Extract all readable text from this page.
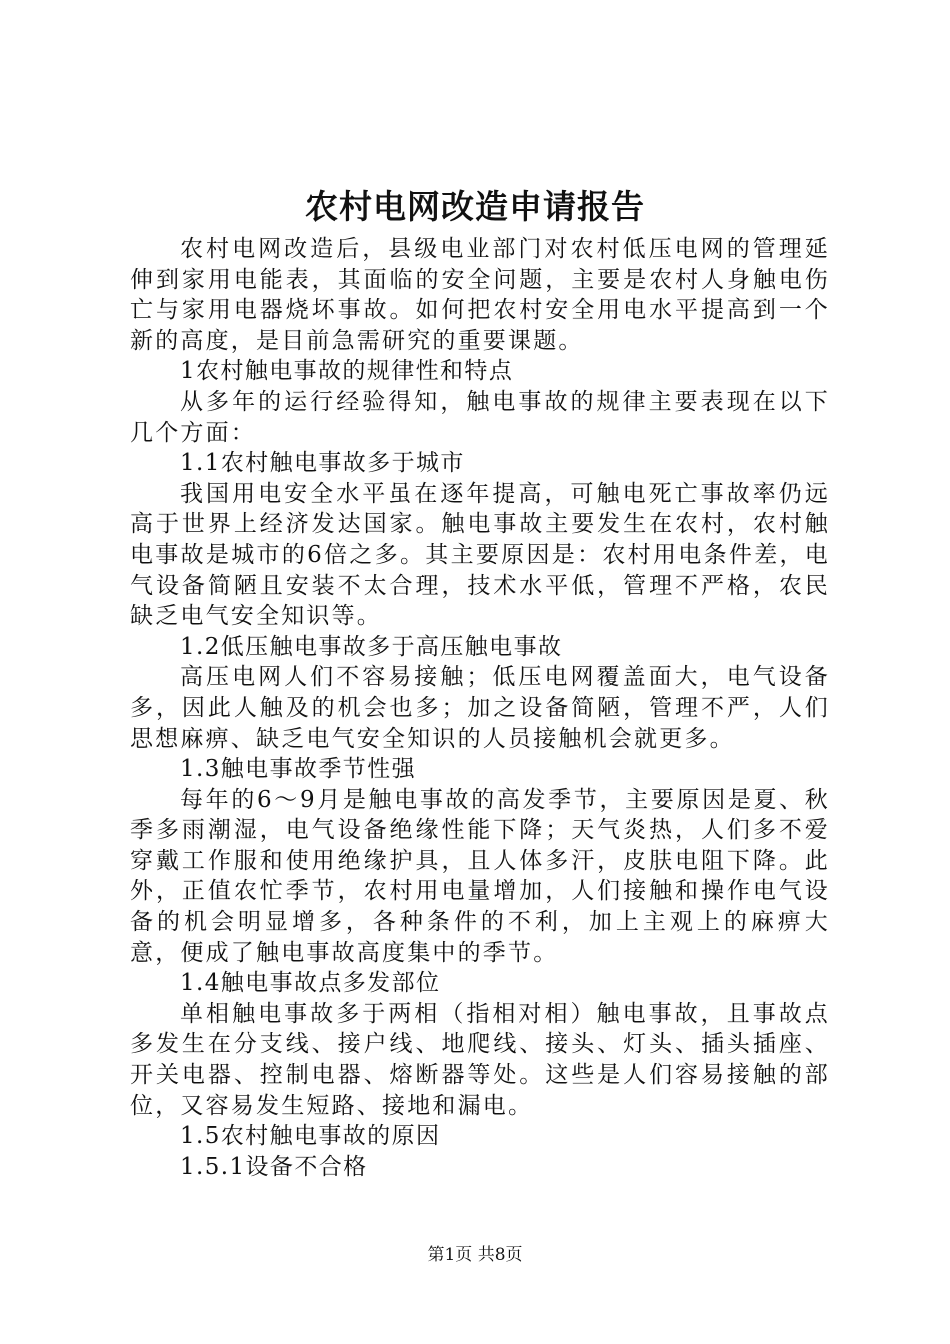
农村电网改造申请报告

农村电网改造后，县级电业部门对农村低压电网的管理延伸到家用电能表，其面临的安全问题，主要是农村人身触电伤亡与家用电器烧坏事故。如何把农村安全用电水平提高到一个新的高度，是目前急需研究的重要课题。

1农村触电事故的规律性和特点

从多年的运行经验得知，触电事故的规律主要表现在以下几个方面：

1.1农村触电事故多于城市

我国用电安全水平虽在逐年提高，可触电死亡事故率仍远高于世界上经济发达国家。触电事故主要发生在农村，农村触电事故是城市的6倍之多。其主要原因是：农村用电条件差，电气设备简陋且安装不太合理，技术水平低，管理不严格，农民缺乏电气安全知识等。

1.2低压触电事故多于高压触电事故

高压电网人们不容易接触；低压电网覆盖面大，电气设备多，因此人触及的机会也多；加之设备简陋，管理不严，人们思想麻痹、缺乏电气安全知识的人员接触机会就更多。

1.3触电事故季节性强

每年的6～9月是触电事故的高发季节，主要原因是夏、秋季多雨潮湿，电气设备绝缘性能下降；天气炎热，人们多不爱穿戴工作服和使用绝缘护具，且人体多汗，皮肤电阻下降。此外，正值农忙季节，农村用电量增加，人们接触和操作电气设备的机会明显增多，各种条件的不利，加上主观上的麻痹大意，便成了触电事故高度集中的季节。

1.4触电事故点多发部位

单相触电事故多于两相（指相对相）触电事故，且事故点多发生在分支线、接户线、地爬线、接头、灯头、插头插座、开关电器、控制电器、熔断器等处。这些是人们容易接触的部位，又容易发生短路、接地和漏电。

1.5农村触电事故的原因

1.5.1设备不合格

第1页 共8页
